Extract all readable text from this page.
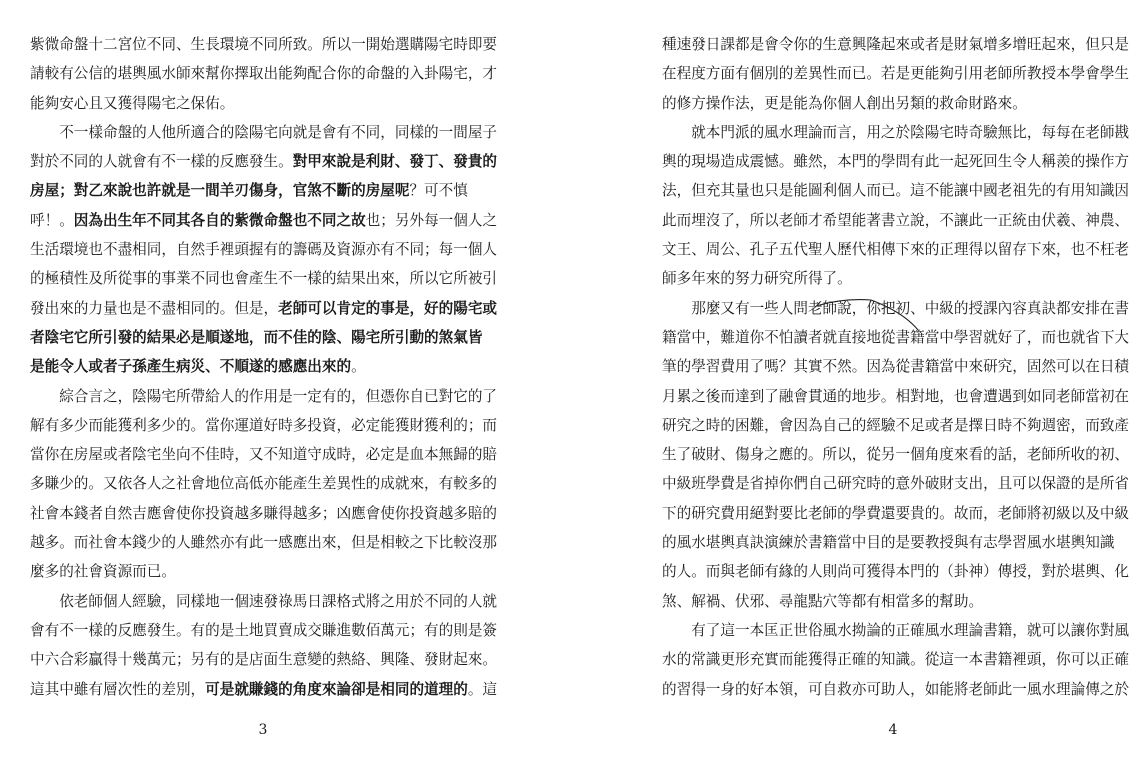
紫微命盤十二宮位不同、生長環境不同所致。所以一開始選購陽宅時即要
請較有公信的堪輿風水師來幫你擇取出能夠配合你的命盤的入卦陽宅，才
能夠安心且又獲得陽宅之保佑。
　　不一樣命盤的人他所適合的陰陽宅向就是會有不同，同樣的一間屋子
對於不同的人就會有不一樣的反應發生。對甲來說是利財、發丁、發貴的
房屋；對乙來說也許就是一間羊刃傷身，官煞不斷的房屋呢？可不慎
呼！。因為出生年不同其各自的紫微命盤也不同之故也；另外每一個人之
生活環境也不盡相同，自然手裡頭握有的籌碼及資源亦有不同；每一個人
的極積性及所從事的事業不同也會產生不一樣的結果出來，所以它所被引
發出來的力量也是不盡相同的。但是，老師可以肯定的事是，好的陽宅或
者陰宅它所引發的結果必是順遂地，而不佳的陰、陽宅所引動的煞氣皆
是能令人或者子孫產生病災、不順遂的感應出來的。
　　綜合言之，陰陽宅所帶給人的作用是一定有的，但憑你自已對它的了
解有多少而能獲利多少的。當你運道好時多投資，必定能獲財獲利的；而
當你在房屋或者陰宅坐向不佳時，又不知道守成時，必定是血本無歸的賠
多賺少的。又依各人之社會地位高低亦能產生差異性的成就來，有較多的
社會本錢者自然吉應會使你投資越多賺得越多；凶應會使你投資越多賠的
越多。而社會本錢少的人雖然亦有此一感應出來，但是相較之下比較沒那
麼多的社會資源而已。
　　依老師個人經驗，同樣地一個速發祿馬日課格式將之用於不同的人就
會有不一樣的反應發生。有的是土地買賣成交賺進數佰萬元；有的則是簽
中六合彩贏得十幾萬元；另有的是店面生意變的熱絡、興隆、發財起來。
這其中雖有層次性的差別，可是就賺錢的角度來論卻是相同的道理的。這
3
種速發日課都是會令你的生意興隆起來或者是財氣增多增旺起來，但只是
在程度方面有個別的差異性而已。若是更能夠引用老師所教授本學會學生
的修方操作法，更是能為你個人創出另類的救命財路來。
　　就本門派的風水理論而言，用之於陰陽宅時奇驗無比，每每在老師戡
輿的現場造成震憾。雖然，本門的學問有此一起死回生令人稱羨的操作方
法，但充其量也只是能圖利個人而已。這不能讓中國老祖先的有用知識因
此而埋沒了，所以老師才希望能著書立說，不讓此一正統由伏羲、神農、
文王、周公、孔子五代聖人歷代相傳下來的正理得以留存下來，也不枉老
師多年來的努力研究所得了。
　　那麼又有一些人問老師說，你把初、中級的授課內容真訣都安排在書
籍當中，難道你不怕讀者就直接地從書籍當中學習就好了，而也就省下大
筆的學習費用了嗎？其實不然。因為從書籍當中來研究，固然可以在日積
月累之後而達到了融會貫通的地步。相對地，也會遭遇到如同老師當初在
研究之時的困難，會因為自己的經驗不足或者是擇日時不夠週密，而致產
生了破財、傷身之應的。所以，從另一個角度來看的話，老師所收的初、
中級班學費是省掉你們自己研究時的意外破財支出，且可以保證的是所省
下的研究費用絕對要比老師的學費還要貴的。故而，老師將初級以及中級
的風水堪輿真訣演練於書籍當中目的是要教授與有志學習風水堪輿知識
的人。而與老師有緣的人則尚可獲得本門的（卦神）傳授，對於堪輿、化
煞、解禍、伏邪、尋龍點穴等都有相當多的幫助。
　　有了這一本匡正世俗風水拗論的正確風水理論書籍，就可以讓你對風
水的常識更形充實而能獲得正確的知識。從這一本書籍裡頭，你可以正確
的習得一身的好本領，可自救亦可助人，如能將老師此一風水理論傳之於
4
